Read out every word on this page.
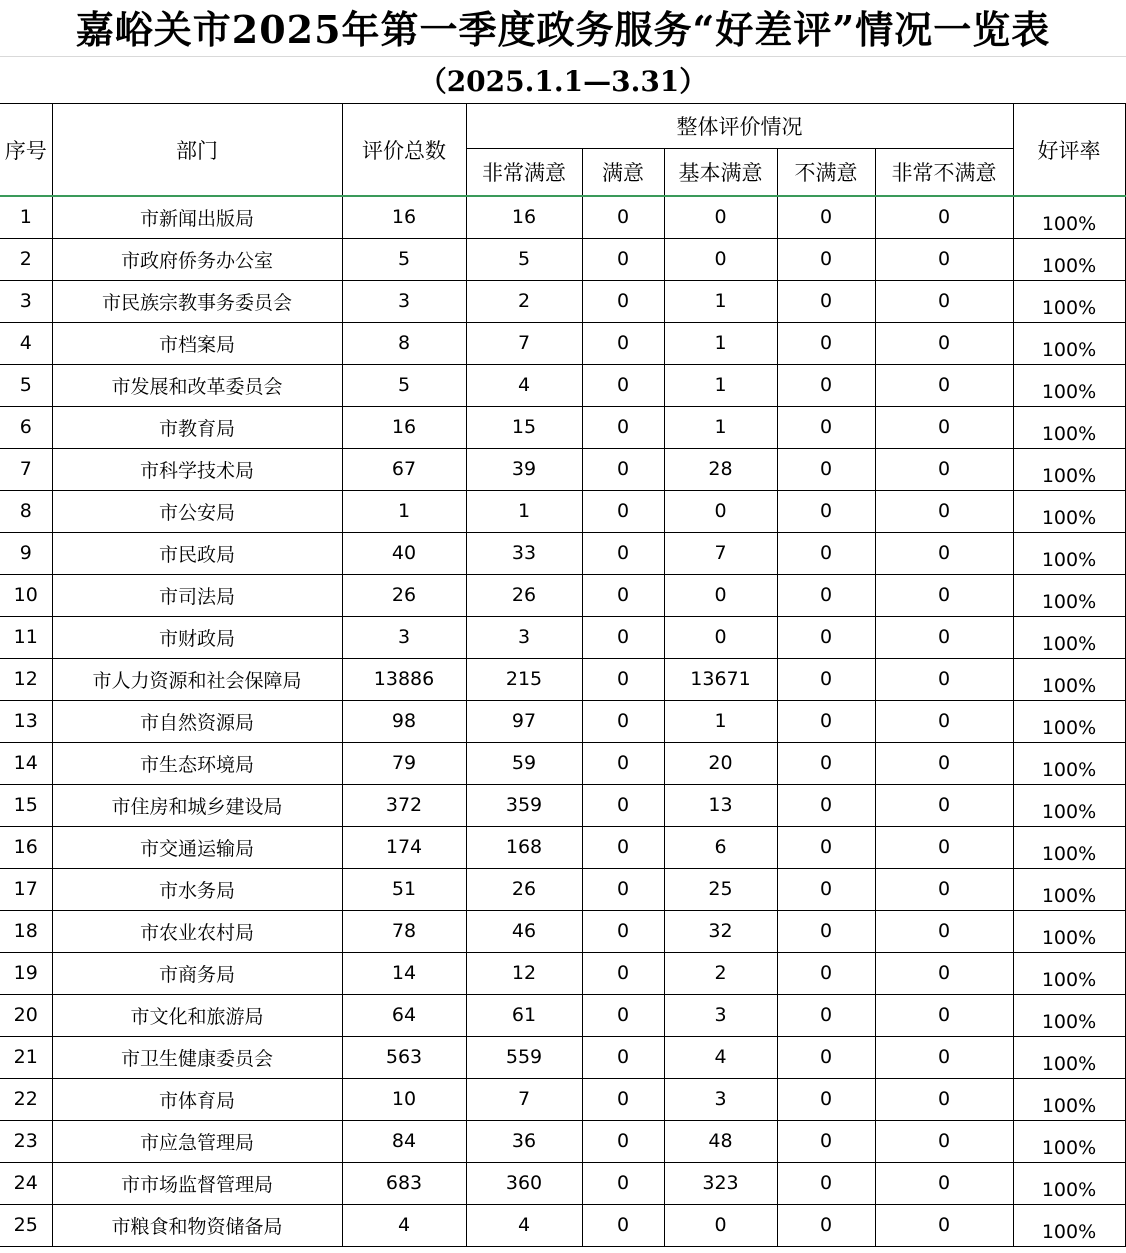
嘉峪关市2025年第一季度政务服务“好差评”情况一览表
（2025.1.1—3.31）
序号	部门	评价总数	整体评价情况					好评率
			非常满意	满意	基本满意	不满意	非常不满意	
1	市新闻出版局	16	16	0	0	0	0	100%
2	市政府侨务办公室	5	5	0	0	0	0	100%
3	市民族宗教事务委员会	3	2	0	1	0	0	100%
4	市档案局	8	7	0	1	0	0	100%
5	市发展和改革委员会	5	4	0	1	0	0	100%
6	市教育局	16	15	0	1	0	0	100%
7	市科学技术局	67	39	0	28	0	0	100%
8	市公安局	1	1	0	0	0	0	100%
9	市民政局	40	33	0	7	0	0	100%
10	市司法局	26	26	0	0	0	0	100%
11	市财政局	3	3	0	0	0	0	100%
12	市人力资源和社会保障局	13886	215	0	13671	0	0	100%
13	市自然资源局	98	97	0	1	0	0	100%
14	市生态环境局	79	59	0	20	0	0	100%
15	市住房和城乡建设局	372	359	0	13	0	0	100%
16	市交通运输局	174	168	0	6	0	0	100%
17	市水务局	51	26	0	25	0	0	100%
18	市农业农村局	78	46	0	32	0	0	100%
19	市商务局	14	12	0	2	0	0	100%
20	市文化和旅游局	64	61	0	3	0	0	100%
21	市卫生健康委员会	563	559	0	4	0	0	100%
22	市体育局	10	7	0	3	0	0	100%
23	市应急管理局	84	36	0	48	0	0	100%
24	市市场监督管理局	683	360	0	323	0	0	100%
25	市粮食和物资储备局	4	4	0	0	0	0	100%
